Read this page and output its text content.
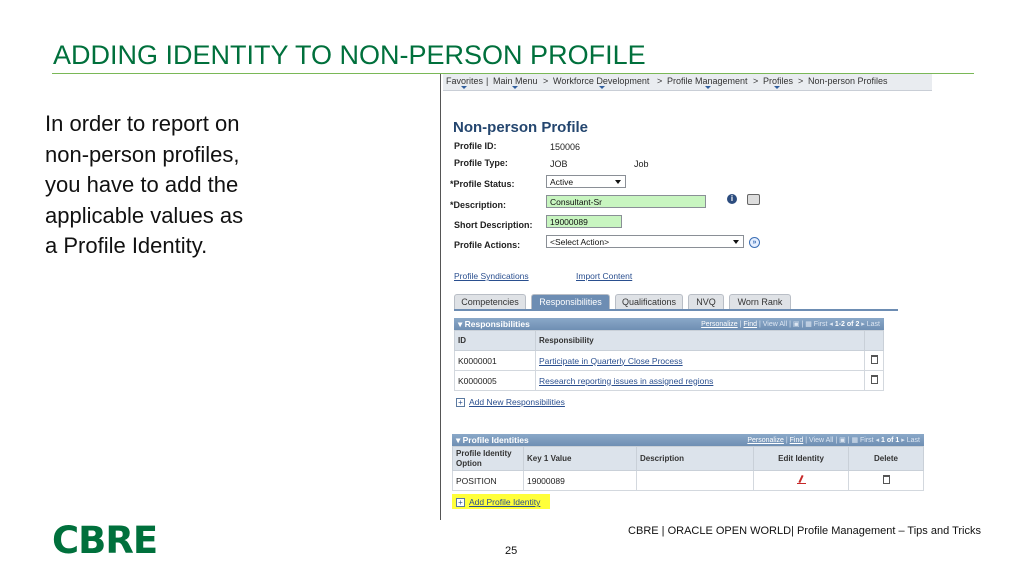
ADDING IDENTITY TO NON-PERSON PROFILE
In order to report on non-person profiles, you have to add the applicable values as a Profile Identity.
Favorites | Main Menu > Workforce Development > Profile Management > Profiles > Non-person Profiles
Non-person Profile
Profile ID:	150006
Profile Type:	JOB	Job
*Profile Status:	Active
*Description:	Consultant-Sr	i
Short Description:	19000089
Profile Actions:	<Select Action>	»
Profile Syndications	Import Content
Competencies	Responsibilities	Qualifications	NVQ	Worn Rank
▾ Responsibilities	Personalize | Find | View All | ▣ | ▦ First ◂ 1-2 of 2 ▸ Last
ID	Responsibility	
K0000001	Participate in Quarterly Close Process	
K0000005	Research reporting issues in assigned regions	
+ Add New Responsibilities
▾ Profile Identities	Personalize | Find | View All | ▣ | ▦ First ◂ 1 of 1 ▸ Last
Profile Identity Option	Key 1 Value	Description	Edit Identity	Delete
POSITION	19000089			
+ Add Profile Identity
CBRE	CBRE | ORACLE OPEN WORLD| Profile Management – Tips and Tricks
25
